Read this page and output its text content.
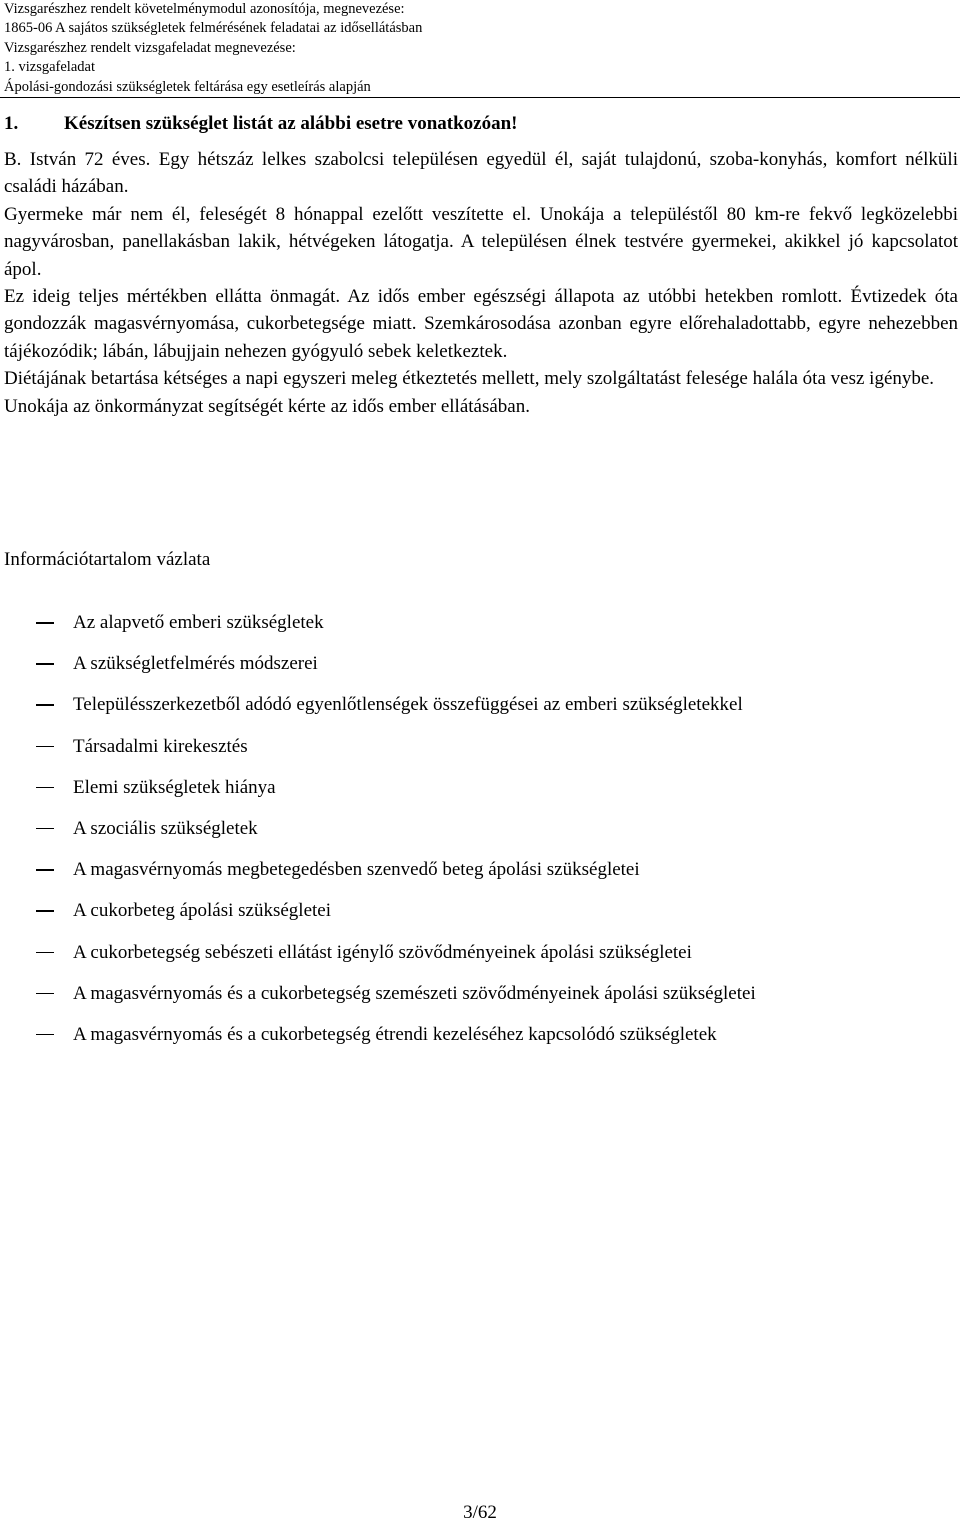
Vizsgarészhez rendelt követelménymodul azonosítója, megnevezése:
1865-06 A sajátos szükségletek felmérésének feladatai az idősellátásban
Vizsgarészhez rendelt vizsgafeladat megnevezése:
1. vizsgafeladat
Ápolási-gondozási szükségletek feltárása egy esetleírás alapján
1. Készítsen szükséglet listát az alábbi esetre vonatkozóan!

B. István 72 éves. Egy hétszáz lelkes szabolcsi településen egyedül él, saját tulajdonú, szoba-konyhás, komfort nélküli családi házában.

Gyermeke már nem él, feleségét 8 hónappal ezelőtt veszítette el. Unokája a településtől 80 km-re fekvő legközelebbi nagyvárosban, panellakásban lakik, hétvégeken látogatja. A településen élnek testvére gyermekei, akikkel jó kapcsolatot ápol.

Ez ideig teljes mértékben ellátta önmagát. Az idős ember egészségi állapota az utóbbi hetekben romlott. Évtizedek óta gondozzák magasvérnyomása, cukorbetegsége miatt. Szemkárosodása azonban egyre előrehaladottabb, egyre nehezebben tájékozódik; lábán, lábujjain nehezen gyógyuló sebek keletkeztek.

Diétájának betartása kétséges a napi egyszeri meleg étkeztetés mellett, mely szolgáltatást felesége halála óta vesz igénybe.

Unokája az önkormányzat segítségét kérte az idős ember ellátásában.

Információtartalom vázlata
Az alapvető emberi szükségletek
A szükségletfelmérés módszerei
Településszerkezetből adódó egyenlőtlenségek összefüggései az emberi szükségletekkel
Társadalmi kirekesztés
Elemi szükségletek hiánya
A szociális szükségletek
A magasvérnyomás megbetegedésben szenvedő beteg ápolási szükségletei
A cukorbeteg ápolási szükségletei
A cukorbetegség sebészeti ellátást igénylő szövődményeinek ápolási szükségletei
A magasvérnyomás és a cukorbetegség szemészeti szövődményeinek ápolási szükségletei
A magasvérnyomás és a cukorbetegség étrendi kezeléséhez kapcsolódó szükségletek
3/62
